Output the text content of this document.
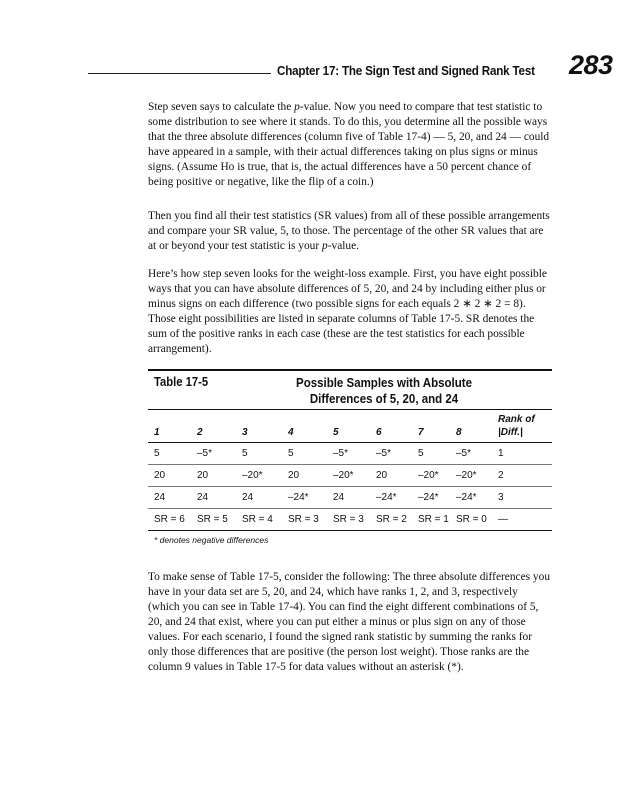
Chapter 17: The Sign Test and Signed Rank Test 283

Step seven says to calculate the p-value. Now you need to compare that test statistic to some distribution to see where it stands. To do this, you determine all the possible ways that the three absolute differences (column five of Table 17-4) — 5, 20, and 24 — could have appeared in a sample, with their actual differences taking on plus signs or minus signs. (Assume Ho is true, that is, the actual differences have a 50 percent chance of being positive or negative, like the flip of a coin.)

Then you find all their test statistics (SR values) from all of these possible arrangements and compare your SR value, 5, to those. The percentage of the other SR values that are at or beyond your test statistic is your p-value.

Here’s how step seven looks for the weight-loss example. First, you have eight possible ways that you can have absolute differences of 5, 20, and 24 by including either plus or minus signs on each difference (two possible signs for each equals 2 ∗ 2 ∗ 2 = 8). Those eight possibilities are listed in separate columns of Table 17-5. SR denotes the sum of the positive ranks in each case (these are the test statistics for each possible arrangement).

Table 17-5	Possible Samples with Absolute Differences of 5, 20, and 24
1	2	3	4	5	6	7	8
Rank of
|Diff.|
5	–5*	5	5	–5*	–5*	5	–5*	1
20	20	–20*	20	–20* 20	–20* –20* 2
24	24	24	–24* 24	–24* –24* –24* 3
SR = 6 SR = 5 SR = 4 SR = 3 SR = 3 SR = 2 SR = 1 SR = 0 —
* denotes negative differences

To make sense of Table 17-5, consider the following: The three absolute differences you have in your data set are 5, 20, and 24, which have ranks 1, 2, and 3, respectively (which you can see in Table 17-4). You can find the eight different combinations of 5, 20, and 24 that exist, where you can put either a minus or plus sign on any of those values. For each scenario, I found the signed rank statistic by summing the ranks for only those differences that are positive (the person lost weight). Those ranks are the column 9 values in Table 17-5 for data values without an asterisk (*).
